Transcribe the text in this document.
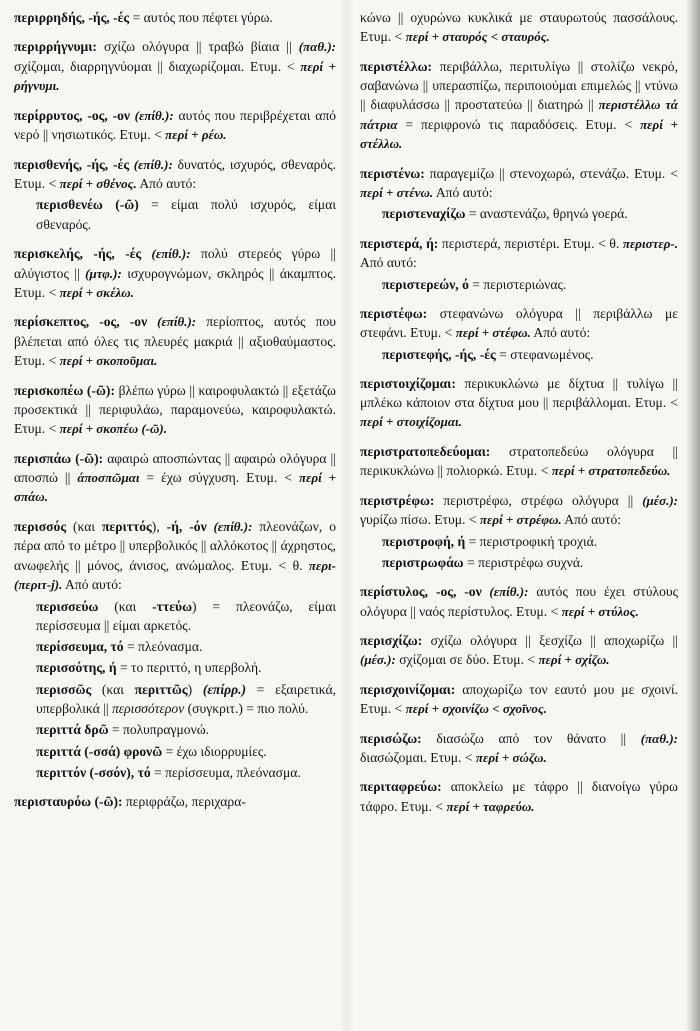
περιρρηδής, -ής, -ές = αυτός που πέφτει γύρω.
περιρρήγνυμι: σχίζω ολόγυρα || τραβώ βίαια || (παθ.): σχίζομαι, διαρρηγνύομαι || διαχωρίζομαι. Ετυμ. < περί + ρήγνυμι.
περίρρυτος, -ος, -ον (επίθ.): αυτός που περιβρέχεται από νερό || νησιωτικός. Ετυμ. < περί + ρέω.
περισθενής, -ής, -ές (επίθ.): δυνατός, ισχυρός, σθεναρός. Ετυμ. < περί + σθένος. Από αυτό:
περισθενέω (-ῶ) = είμαι πολύ ισχυρός, είμαι σθεναρός.
περισκελής, -ής, -ές (επίθ.): πολύ στερεός γύρω || αλύγιστος || (μτφ.): ισχυρογνώμων, σκληρός || άκαμπτος. Ετυμ. < περί + σκέλω.
περίσκεπτος, -ος, -ον (επίθ.): περίοπτος, αυτός που βλέπεται από όλες τις πλευρές μακριά || αξιοθαύμαστος. Ετυμ. < περί + σκοποῦμαι.
περισκοπέω (-ῶ): βλέπω γύρω || καιροφυλακτώ || εξετάζω προσεκτικά || περιφυλάω, παραμονεύω, καιροφυλακτώ. Ετυμ. < περί + σκοπέω (-ῶ).
περισπάω (-ῶ): αφαιρώ αποσπώντας || αφαιρώ ολόγυρα || αποσπώ || άποσπῶμαι = έχω σύγχυση. Ετυμ. < περί + σπάω.
περισσός (και περιττός), -ή, -όν (επίθ.): πλεονάζων, ο πέρα από το μέτρο || υπερβολικός || αλλόκοτος || άχρηστος, ανωφελής || μόνος, άνισος, ανώμαλος. Ετυμ. < θ. περι- (περιτ-j). Από αυτό:
περισσεύω (και -ττεύω) = πλεονάζω, είμαι περίσσευμα || είμαι αρκετός.
περίσσευμα, τό = πλεόνασμα.
περισσότης, ή = το περιττό, η υπερβολή.
περισσῶς (και περιττῶς) (επίρρ.) = εξαιρετικά, υπερβολικά || περισσότερον (συγκριτ.) = πιο πολύ.
περιττά δρῶ = πολυπραγμονώ.
περιττά (-σσά) φρονῶ = έχω ιδιορρυμίες.
περιττόν (-σσόν), τό = περίσσευμα, πλεόνασμα.
περισταυρόω (-ῶ): περιφράζω, περιχαρα-
κώνω || οχυρώνω κυκλικά με σταυρωτούς πασσάλους. Ετυμ. < περί + σταυρός < σταυρός.
περιστέλλω: περιβάλλω, περιτυλίγω || στολίζω νεκρό, σαβανώνω || υπερασπίζω, περιποιούμαι επιμελώς || ντύνω || διαφυλάσσω || προστατεύω || διατηρώ || περιστέλλω τά πάτρια = περιφρονώ τις παραδόσεις. Ετυμ. < περί + στέλλω.
περιστένω: παραγεμίζω || στενοχωρώ, στενάζω. Ετυμ. < περί + στένω. Από αυτό:
περιστεναχίζω = αναστενάζω, θρηνώ γοερά.
περιστερά, ή: περιστερά, περιστέρι. Ετυμ. < θ. περιστερ-. Από αυτό:
περιστερεών, ό = περιστεριώνας.
περιστέφω: στεφανώνω ολόγυρα || περιβάλλω με στεφάνι. Ετυμ. < περί + στέφω. Από αυτό:
περιστεφής, -ής, -ές = στεφανωμένος.
περιστοιχίζομαι: περικυκλώνω με δίχτυα || τυλίγω || μπλέκω κάποιον στα δίχτυα μου || περιβάλλομαι. Ετυμ. < περί + στοιχίζομαι.
περιστρατοπεδεύομαι: στρατοπεδεύω ολόγυρα || περικυκλώνω || πολιορκώ. Ετυμ. < περί + στρατοπεδεύω.
περιστρέφω: περιστρέφω, στρέφω ολόγυρα || (μέσ.): γυρίζω πίσω. Ετυμ. < περί + στρέφω. Από αυτό:
περιστροφή, ή = περιστροφική τροχιά.
περιστρωφάω = περιστρέφω συχνά.
περίστυλος, -ος, -ον (επίθ.): αυτός που έχει στύλους ολόγυρα || ναός περίστυλος. Ετυμ. < περί + στύλος.
περισχίζω: σχίζω ολόγυρα || ξεσχίζω || αποχωρίζω || (μέσ.): σχίζομαι σε δύο. Ετυμ. < περί + σχίζω.
περισχοινίζομαι: αποχωρίζω τον εαυτό μου με σχοινί. Ετυμ. < περί + σχοινίζω < σχοῖνος.
περισώζω: διασώζω από τον θάνατο || (παθ.): διασώζομαι. Ετυμ. < περί + σώζω.
περιταφρεύω: αποκλείω με τάφρο || διανοίγω γύρω τάφρο. Ετυμ. < περί + ταφρεύω.
